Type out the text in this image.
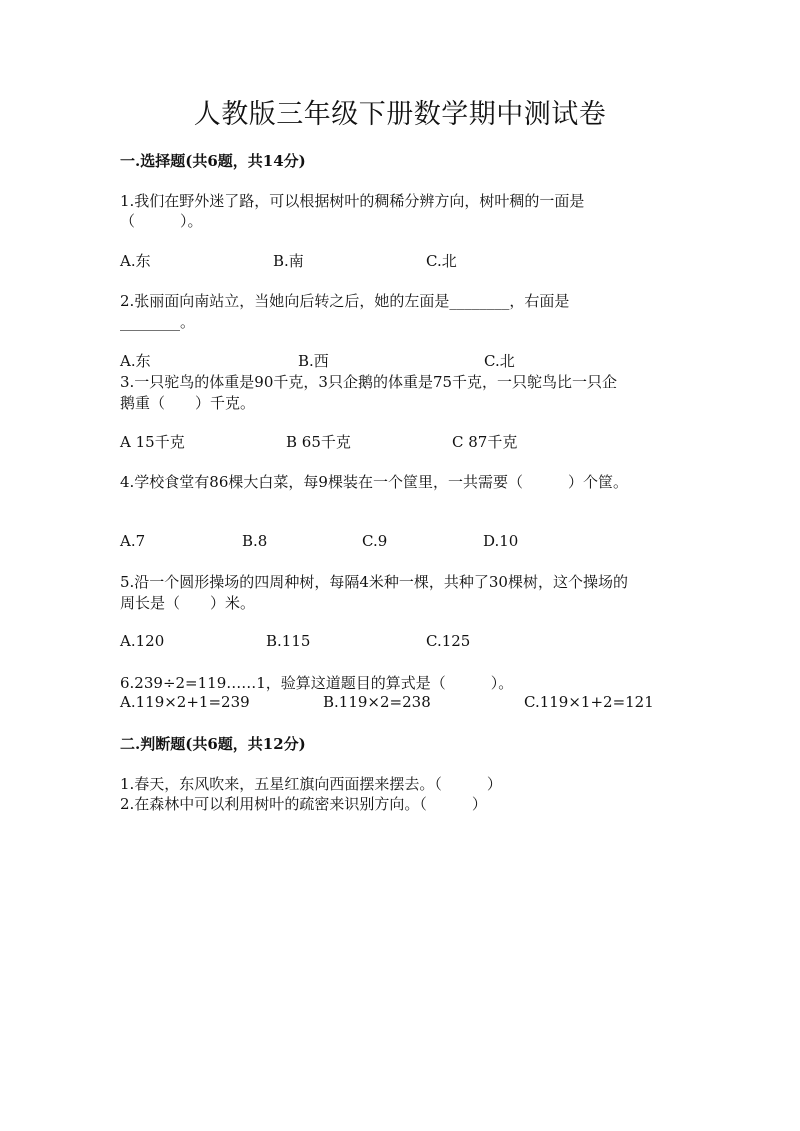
人教版三年级下册数学期中测试卷
一.选择题(共6题，共14分)
1.我们在野外迷了路，可以根据树叶的稠稀分辨方向，树叶稠的一面是
（　　　）。
A.东	B.南	C.北
2.张丽面向南站立，当她向后转之后，她的左面是________，右面是
________。
A.东	B.西	C.北
3.一只驼鸟的体重是90千克，3只企鹅的体重是75千克，一只鸵鸟比一只企
鹅重（　　）千克。
A 15千克	B 65千克	C 87千克
4.学校食堂有86棵大白菜，每9棵装在一个筐里，一共需要（　　　）个筐。
A.7	B.8	C.9	D.10
5.沿一个圆形操场的四周种树，每隔4米种一棵，共种了30棵树，这个操场的
周长是（　　）米。
A.120	B.115	C.125
6.239÷2=119……1，验算这道题目的算式是（　　　）。
A.119×2+1=239	B.119×2=238	C.119×1+2=121
二.判断题(共6题，共12分)
1.春天，东风吹来，五星红旗向西面摆来摆去。（　　　）
2.在森林中可以利用树叶的疏密来识别方向。（　　　）
